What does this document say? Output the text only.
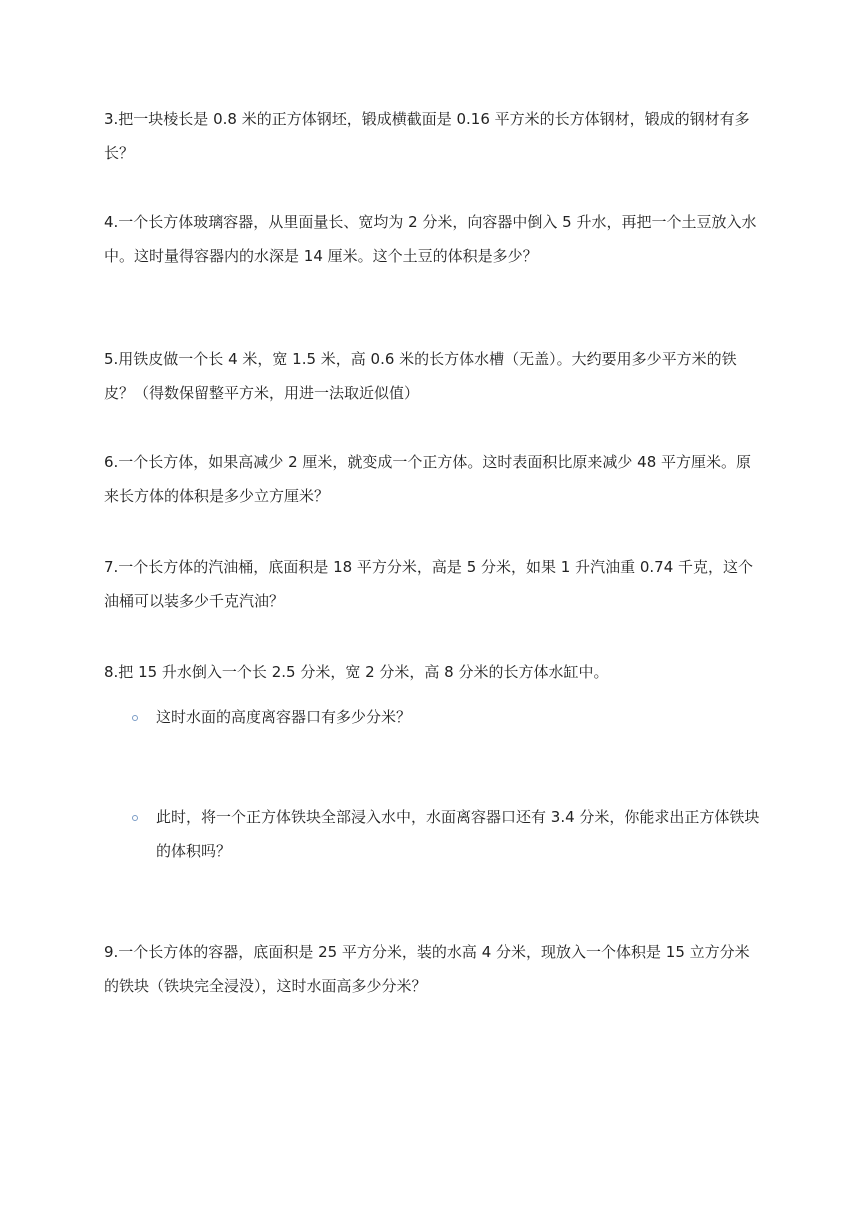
3.把一块棱长是 0.8 米的正方体钢坯，锻成横截面是 0.16 平方米的长方体钢材，锻成的钢材有多长？
4.一个长方体玻璃容器，从里面量长、宽均为 2 分米，向容器中倒入 5 升水，再把一个土豆放入水中。这时量得容器内的水深是 14 厘米。这个土豆的体积是多少？
5.用铁皮做一个长 4 米，宽 1.5 米，高 0.6 米的长方体水槽（无盖）。大约要用多少平方米的铁皮？（得数保留整平方米，用进一法取近似值）
6.一个长方体，如果高减少 2 厘米，就变成一个正方体。这时表面积比原来减少 48 平方厘米。原来长方体的体积是多少立方厘米？
7.一个长方体的汽油桶，底面积是 18 平方分米，高是 5 分米，如果 1 升汽油重 0.74 千克，这个油桶可以装多少千克汽油？
8.把 15 升水倒入一个长 2.5 分米，宽 2 分米，高 8 分米的长方体水缸中。
这时水面的高度离容器口有多少分米？
此时，将一个正方体铁块全部浸入水中，水面离容器口还有 3.4 分米，你能求出正方体铁块的体积吗？
9.一个长方体的容器，底面积是 25 平方分米，装的水高 4 分米，现放入一个体积是 15 立方分米的铁块（铁块完全浸没），这时水面高多少分米？
